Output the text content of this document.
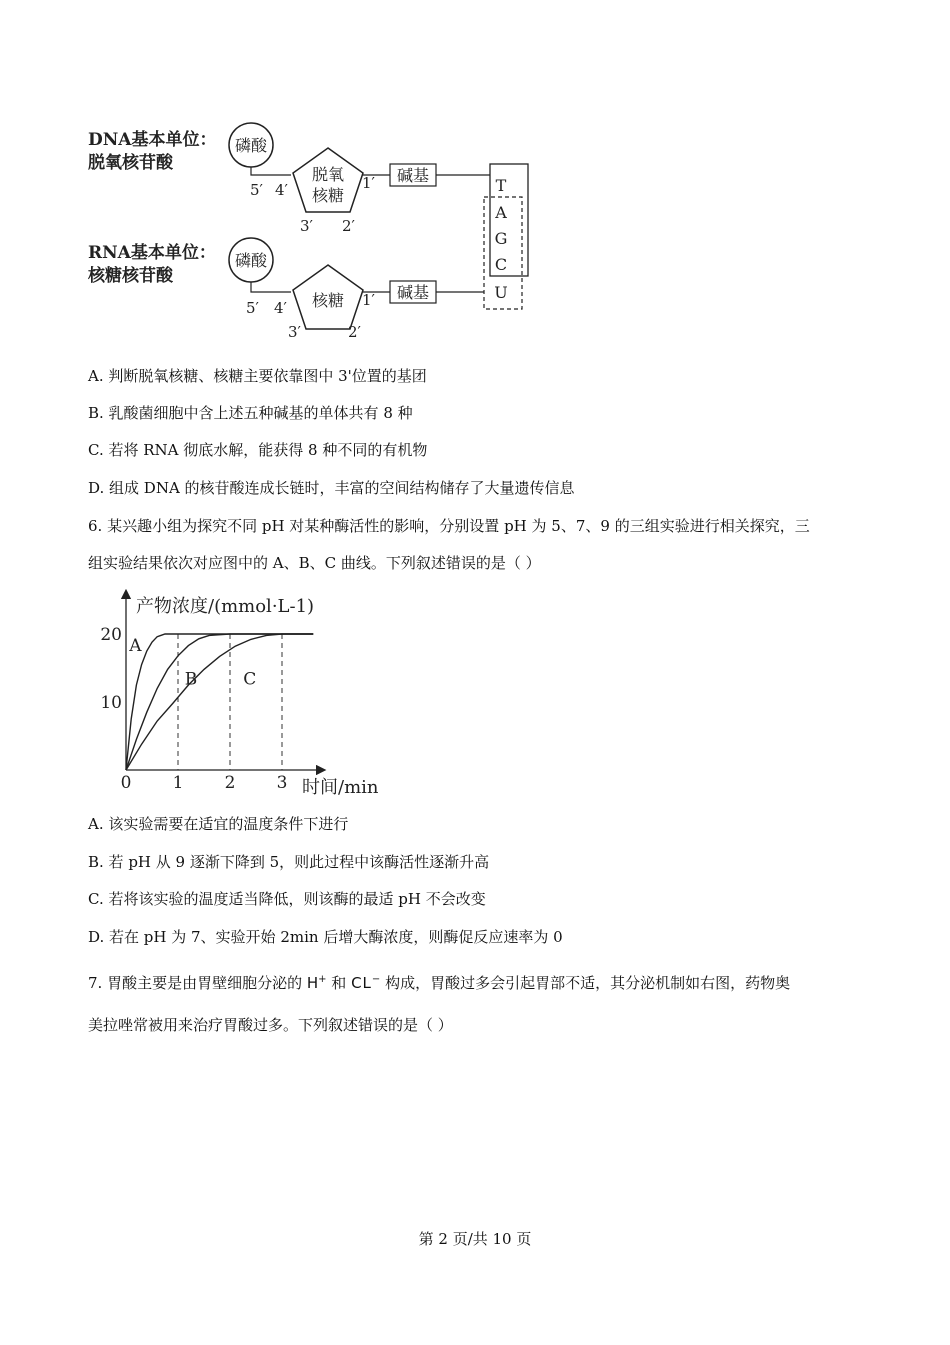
DNA基本单位：
脱氧核苷酸
RNA基本单位：
核糖核苷酸
磷酸
脱氧
核糖
5′ 4′	1′
3′ 2′
碱基
磷酸
核糖
5′ 4′	1′
3′	2′
碱基
T
A
G
C
U
A. 判断脱氧核糖、核糖主要依靠图中 3'位置的基团
B. 乳酸菌细胞中含上述五种碱基的单体共有 8 种
C. 若将 RNA 彻底水解，能获得 8 种不同的有机物
D. 组成 DNA 的核苷酸连成长链时，丰富的空间结构储存了大量遗传信息
6. 某兴趣小组为探究不同 pH 对某种酶活性的影响，分别设置 pH 为 5、7、9 的三组实验进行相关探究，三
组实验结果依次对应图中的 A、B、C 曲线。下列叙述错误的是（ ）
产物浓度/(mmol·L-1)
时间/min
0 1 2 3
10
20
A
B	C
A. 该实验需要在适宜的温度条件下进行
B. 若 pH 从 9 逐渐下降到 5，则此过程中该酶活性逐渐升高
C. 若将该实验的温度适当降低，则该酶的最适 pH 不会改变
D. 若在 pH 为 7、实验开始 2min 后增大酶浓度，则酶促反应速率为 0
7. 胃酸主要是由胃壁细胞分泌的 H+ 和 CL− 构成，胃酸过多会引起胃部不适，其分泌机制如右图，药物奥
美拉唑常被用来治疗胃酸过多。下列叙述错误的是（ ）
第 2 页/共 10 页
